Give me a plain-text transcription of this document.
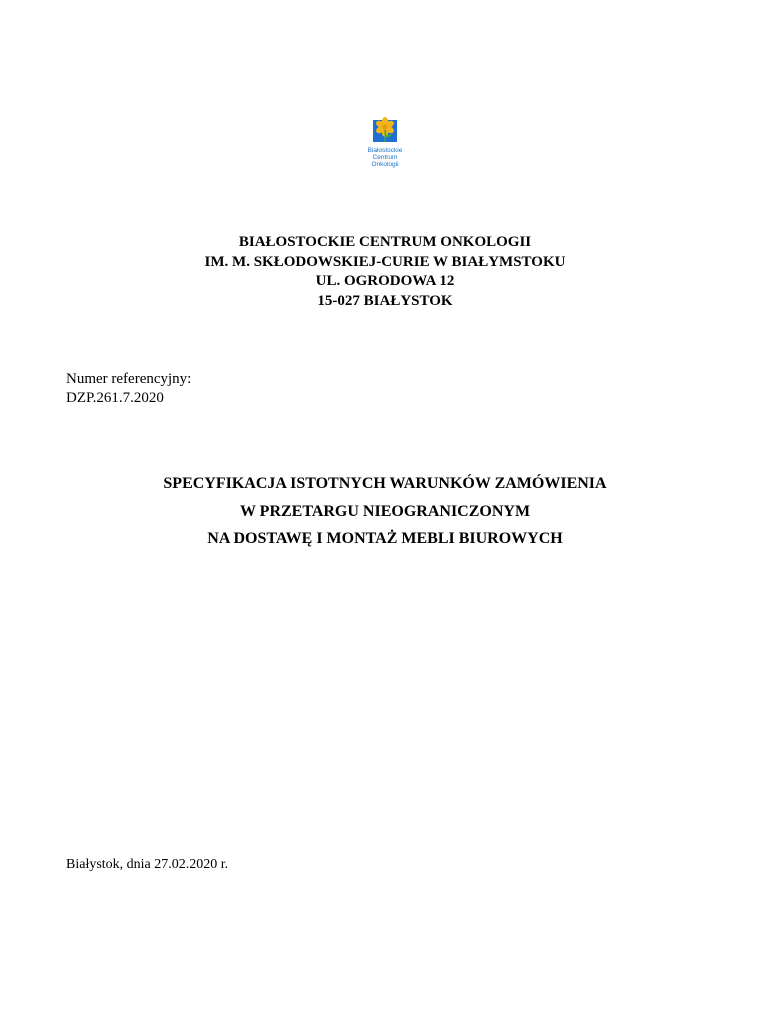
Białostockie
Centrum
Onkologii
BIAŁOSTOCKIE CENTRUM ONKOLOGII
IM. M. SKŁODOWSKIEJ-CURIE W BIAŁYMSTOKU
UL. OGRODOWA 12
15-027 BIAŁYSTOK
Numer referencyjny:
DZP.261.7.2020
SPECYFIKACJA ISTOTNYCH WARUNKÓW ZAMÓWIENIA
W PRZETARGU NIEOGRANICZONYM
NA DOSTAWĘ I MONTAŻ MEBLI BIUROWYCH
Białystok, dnia 27.02.2020 r.
